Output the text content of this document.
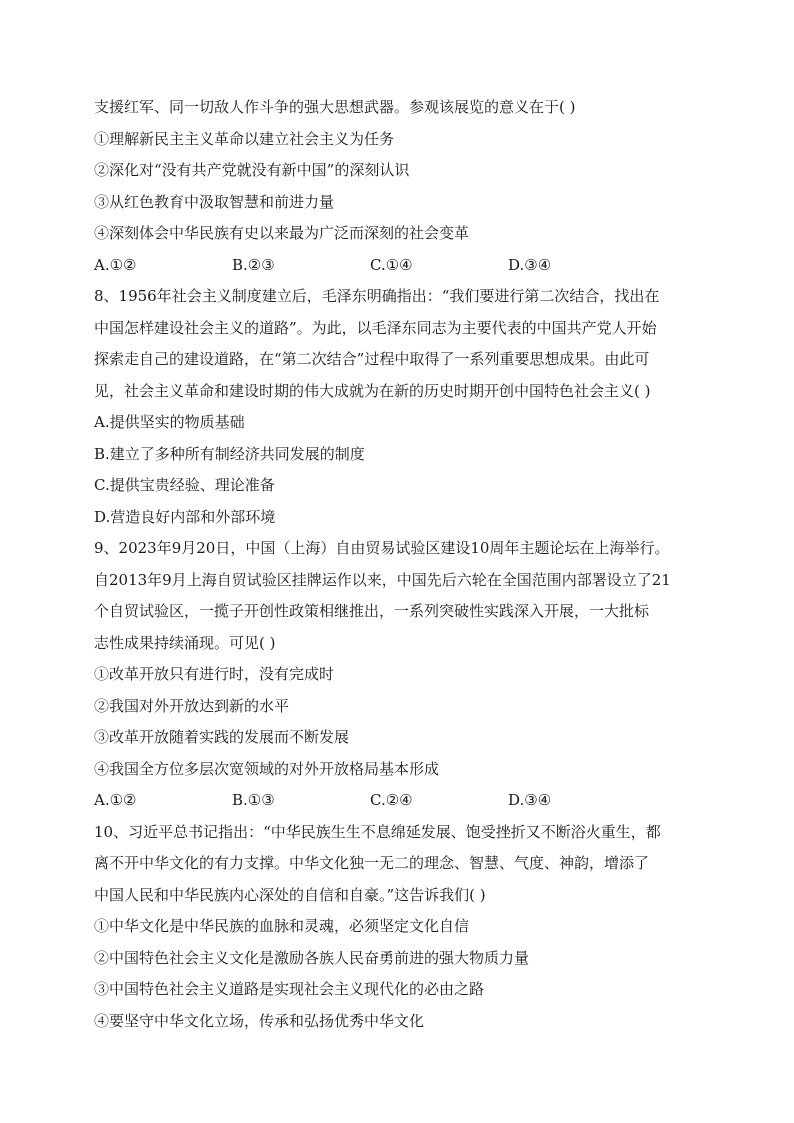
支援红军、同一切敌人作斗争的强大思想武器。参观该展览的意义在于( )
①理解新民主主义革命以建立社会主义为任务
②深化对“没有共产党就没有新中国”的深刻认识
③从红色教育中汲取智慧和前进力量
④深刻体会中华民族有史以来最为广泛而深刻的社会变革
A.①②	B.②③	C.①④	D.③④
8、1956年社会主义制度建立后，毛泽东明确指出：“我们要进行第二次结合，找出在
中国怎样建设社会主义的道路”。为此，以毛泽东同志为主要代表的中国共产党人开始
探索走自己的建设道路，在“第二次结合”过程中取得了一系列重要思想成果。由此可
见，社会主义革命和建设时期的伟大成就为在新的历史时期开创中国特色社会主义( )
A.提供坚实的物质基础
B.建立了多种所有制经济共同发展的制度
C.提供宝贵经验、理论准备
D.营造良好内部和外部环境
9、2023年9月20日，中国（上海）自由贸易试验区建设10周年主题论坛在上海举行。
自2013年9月上海自贸试验区挂牌运作以来，中国先后六轮在全国范围内部署设立了21
个自贸试验区，一揽子开创性政策相继推出，一系列突破性实践深入开展，一大批标
志性成果持续涌现。可见( )
①改革开放只有进行时，没有完成时
②我国对外开放达到新的水平
③改革开放随着实践的发展而不断发展
④我国全方位多层次宽领域的对外开放格局基本形成
A.①②	B.①③	C.②④	D.③④
10、习近平总书记指出：“中华民族生生不息绵延发展、饱受挫折又不断浴火重生，都
离不开中华文化的有力支撑。中华文化独一无二的理念、智慧、气度、神韵，增添了
中国人民和中华民族内心深处的自信和自豪。”这告诉我们( )
①中华文化是中华民族的血脉和灵魂，必须坚定文化自信
②中国特色社会主义文化是激励各族人民奋勇前进的强大物质力量
③中国特色社会主义道路是实现社会主义现代化的必由之路
④要坚守中华文化立场，传承和弘扬优秀中华文化
